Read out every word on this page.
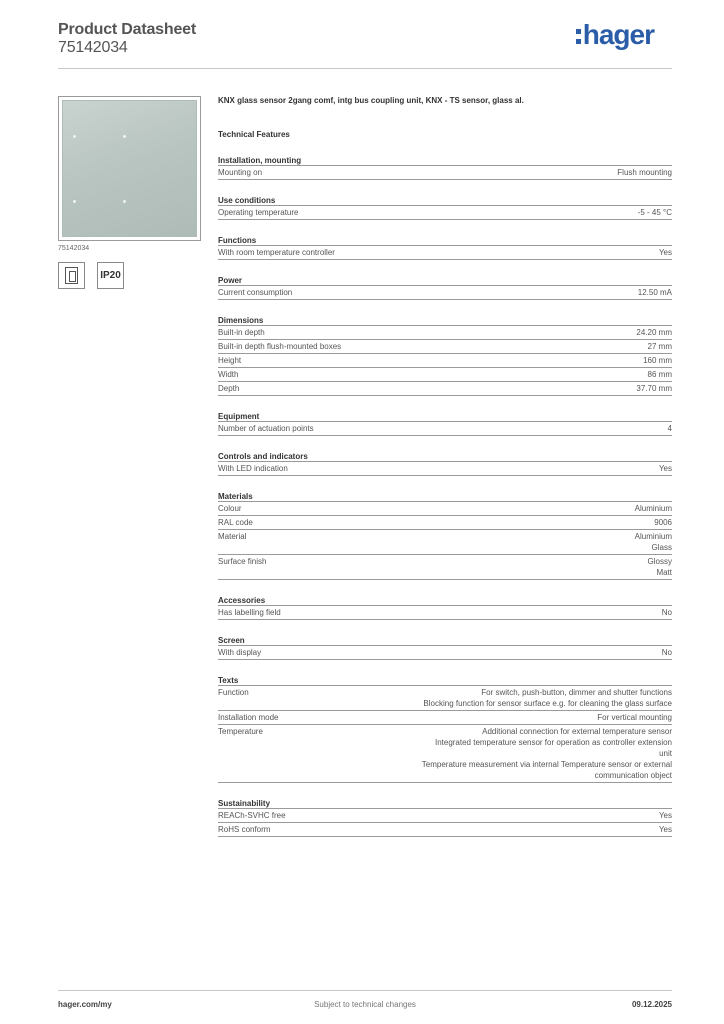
Product Datasheet
75142034	hager
75142034
IP20
KNX glass sensor 2gang comf, intg bus coupling unit, KNX - TS sensor, glass al.
Technical Features
Installation, mounting
Mounting on	Flush mounting
Use conditions
Operating temperature	-5 - 45 °C
Functions
With room temperature controller	Yes
Power
Current consumption	12.50 mA
Dimensions
Built-in depth	24.20 mm
Built-in depth flush-mounted boxes	27 mm
Height	160 mm
Width	86 mm
Depth	37.70 mm
Equipment
Number of actuation points	4
Controls and indicators
With LED indication	Yes
Materials
Colour	Aluminium
RAL code	9006
Material	Aluminium
Glass
Surface finish	Glossy
Matt
Accessories
Has labelling field	No
Screen
With display	No
Texts
Function	For switch, push-button, dimmer and shutter functions
Blocking function for sensor surface e.g. for cleaning the glass surface
Installation mode	For vertical mounting
Temperature	Additional connection for external temperature sensor
Integrated temperature sensor for operation as controller extension
unit
Temperature measurement via internal Temperature sensor or external
communication object
Sustainability
REACh-SVHC free	Yes
RoHS conform	Yes
hager.com/my	Subject to technical changes	09.12.2025
